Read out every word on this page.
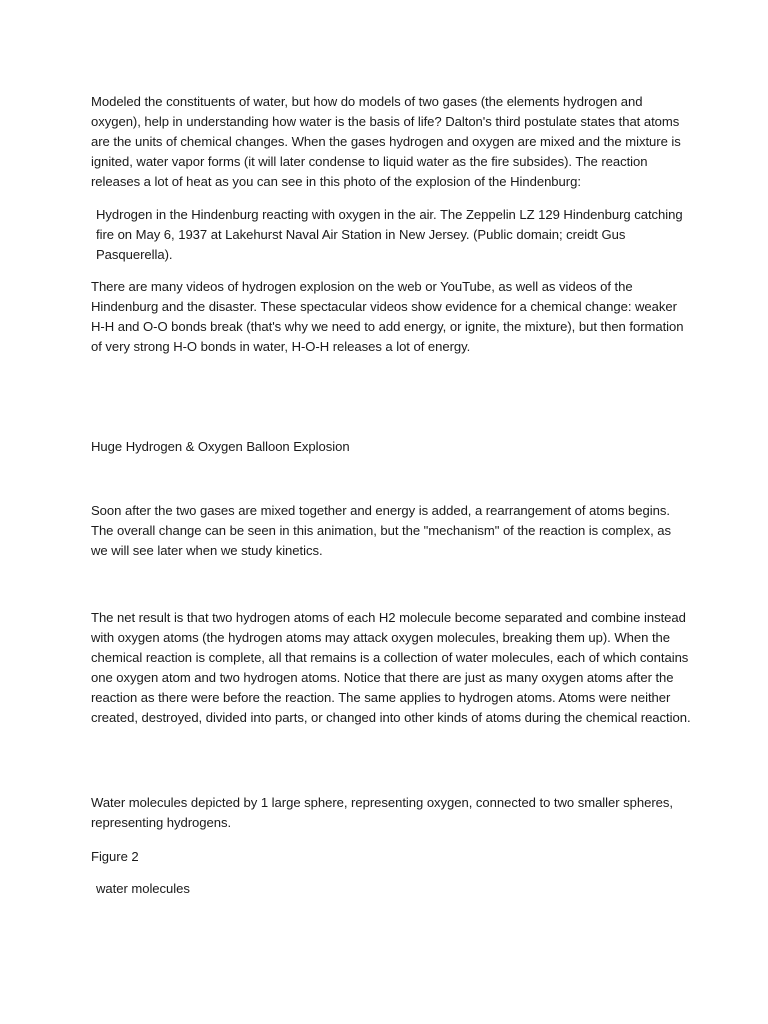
Modeled the constituents of water, but how do models of two gases (the elements hydrogen and oxygen), help in understanding how water is the basis of life? Dalton's third postulate states that atoms are the units of chemical changes. When the gases hydrogen and oxygen are mixed and the mixture is ignited, water vapor forms (it will later condense to liquid water as the fire subsides). The reaction releases a lot of heat as you can see in this photo of the explosion of the Hindenburg:

Hydrogen in the Hindenburg reacting with oxygen in the air. The Zeppelin LZ 129 Hindenburg catching fire on May 6, 1937 at Lakehurst Naval Air Station in New Jersey. (Public domain; creidt Gus Pasquerella).

There are many videos of hydrogen explosion on the web or YouTube, as well as videos of the Hindenburg and the disaster. These spectacular videos show evidence for a chemical change: weaker H-H and O-O bonds break (that's why we need to add energy, or ignite, the mixture), but then formation of very strong H-O bonds in water, H-O-H releases a lot of energy.

Huge Hydrogen & Oxygen Balloon Explosion

Soon after the two gases are mixed together and energy is added, a rearrangement of atoms begins. The overall change can be seen in this animation, but the "mechanism" of the reaction is complex, as we will see later when we study kinetics.

The net result is that two hydrogen atoms of each H2 molecule become separated and combine instead with oxygen atoms (the hydrogen atoms may attack oxygen molecules, breaking them up). When the chemical reaction is complete, all that remains is a collection of water molecules, each of which contains one oxygen atom and two hydrogen atoms. Notice that there are just as many oxygen atoms after the reaction as there were before the reaction. The same applies to hydrogen atoms. Atoms were neither created, destroyed, divided into parts, or changed into other kinds of atoms during the chemical reaction.

Water molecules depicted by 1 large sphere, representing oxygen, connected to two smaller spheres, representing hydrogens.

Figure 2

water molecules
